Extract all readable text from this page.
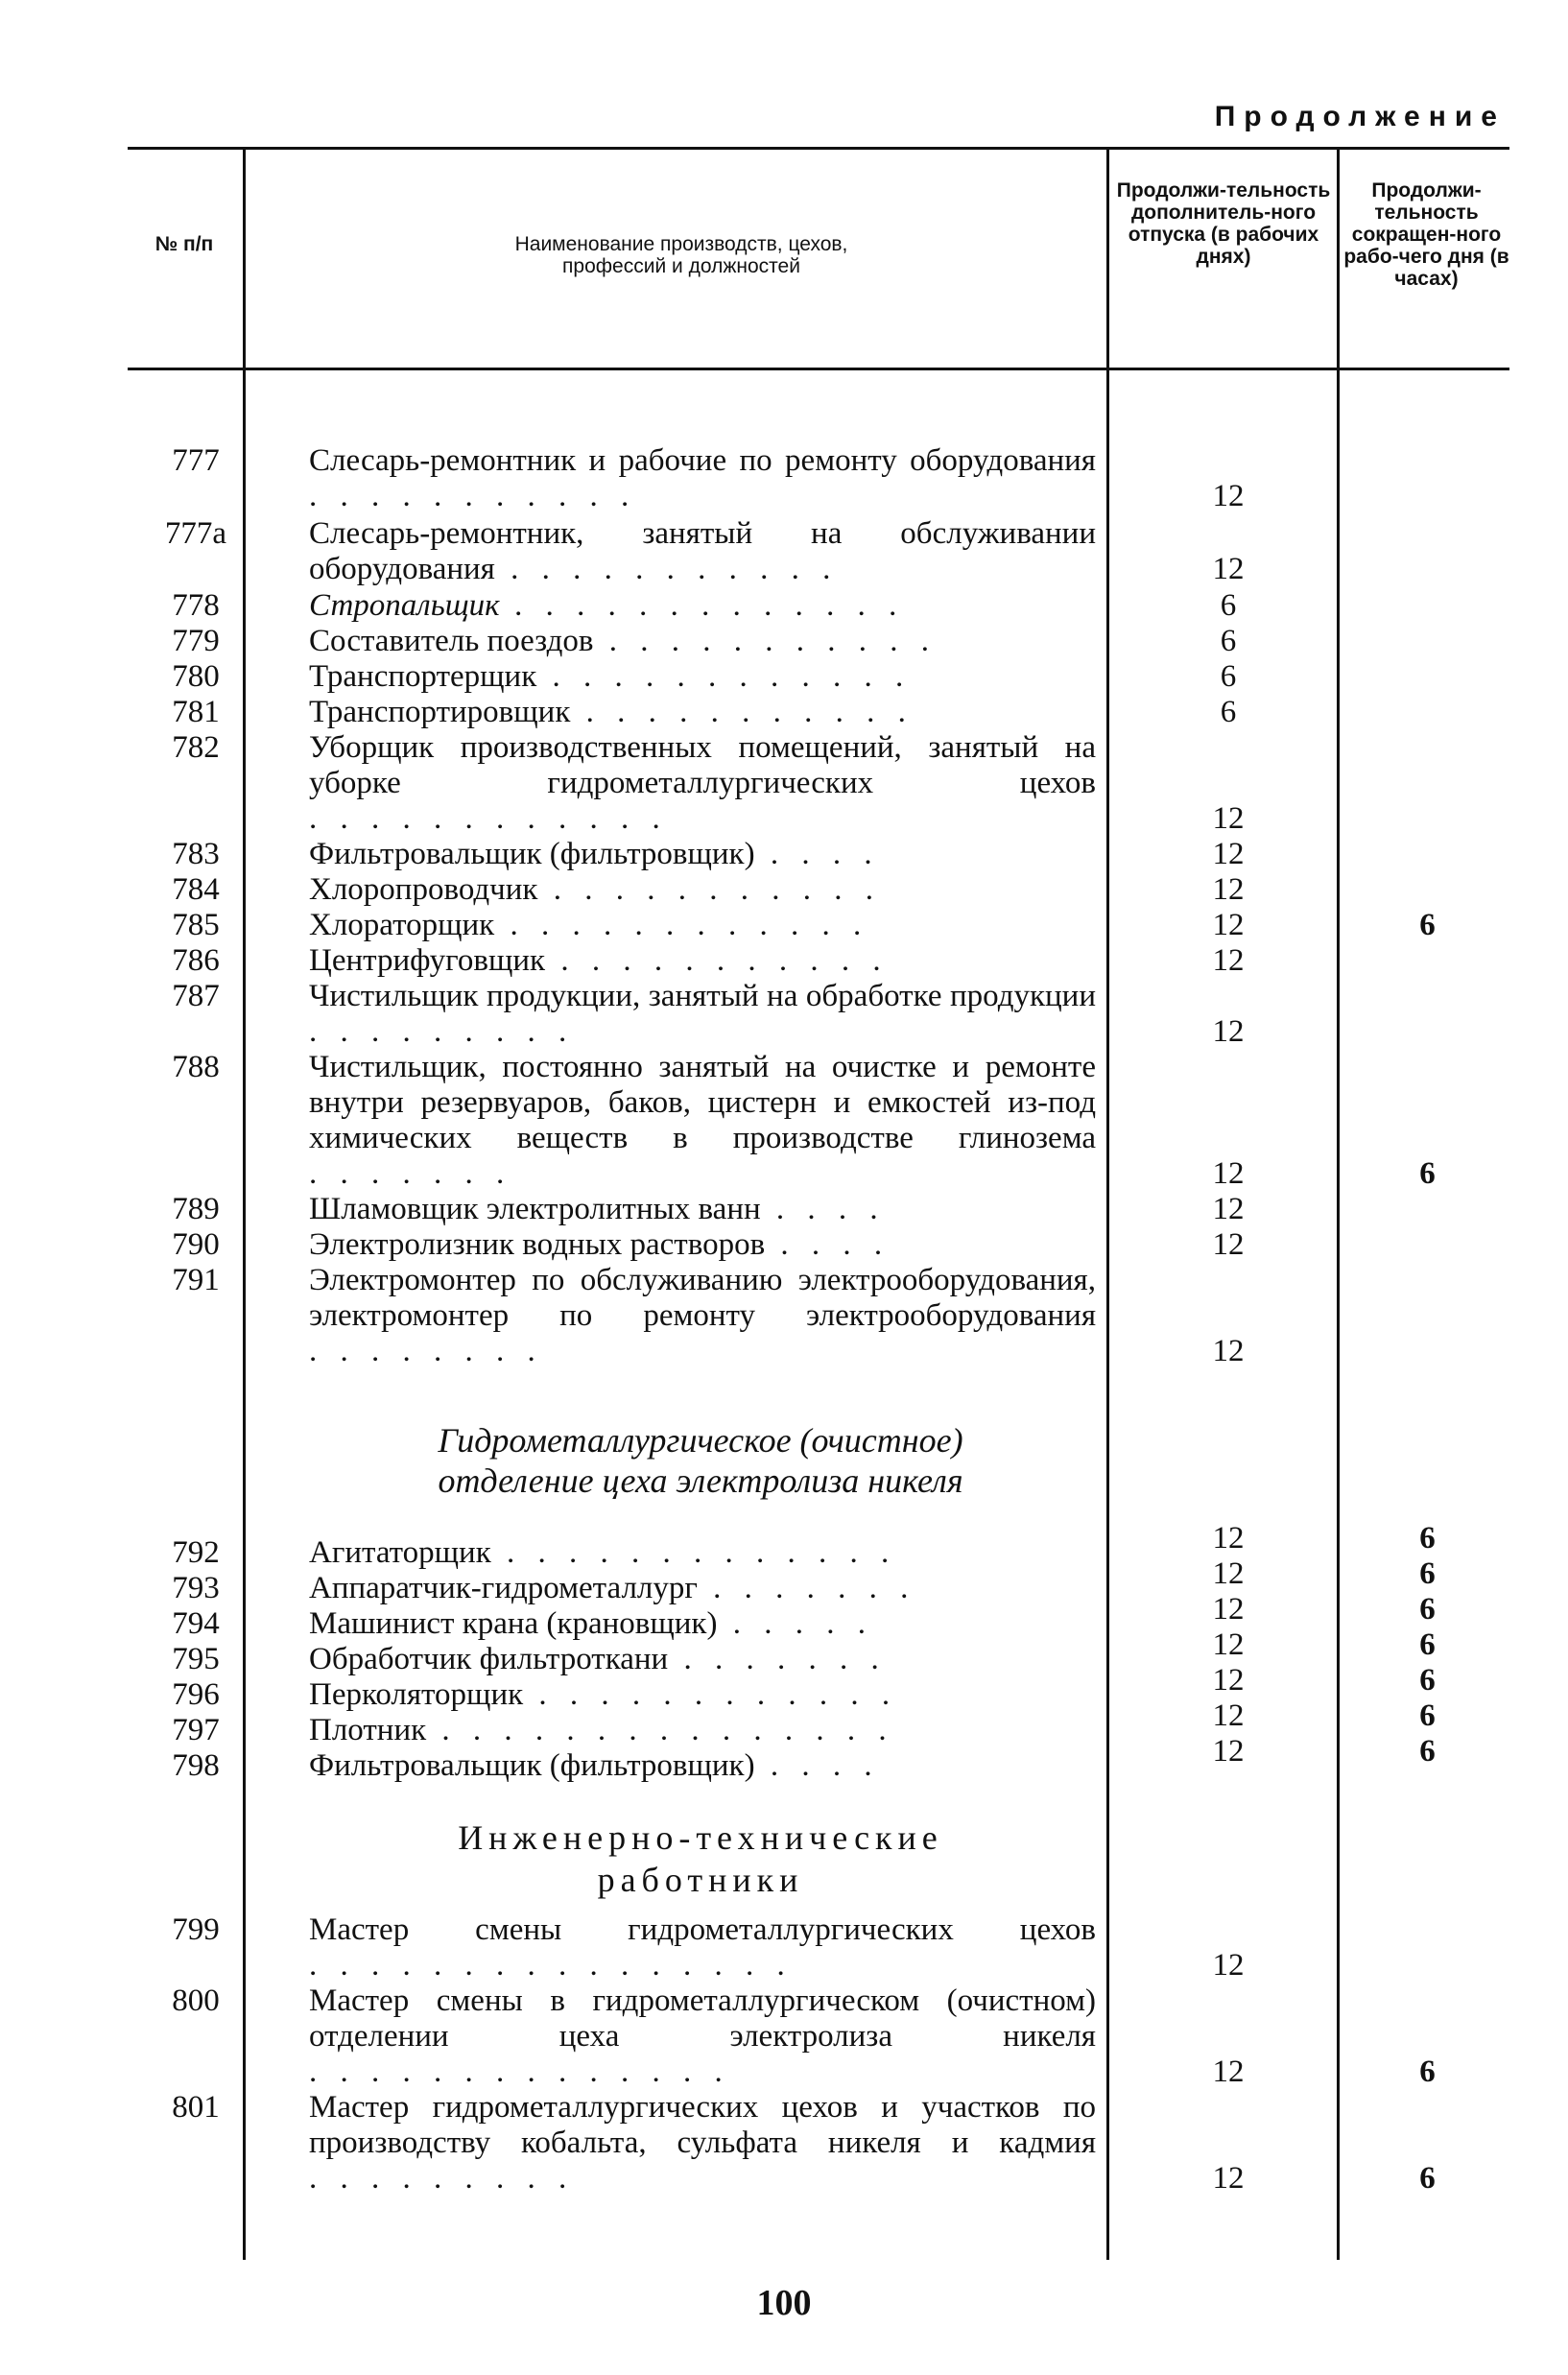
Продолжение
№ п/п	Наименование производств, цехов, профессий и должностей
Продолжи-тельность дополнитель-ного отпуска (в рабочих днях)
Продолжи-тельность сокращен-ного рабо-чего дня (в часах)
777	Слесарь-ремонтник и рабочие по ремонту оборудования . . . . . . . . . . .	12
777а	Слесарь-ремонтник, занятый на обслуживании оборудования . . . . . . . . . . .	12
778	Стропальщик . . . . . . . . . . . . .	6
779	Составитель поездов . . . . . . . . . . .	6
780	Транспортерщик . . . . . . . . . . . .	6
781	Транспортировщик . . . . . . . . . . .	6
782	Уборщик производственных помещений, занятый на уборке гидрометаллургических цехов . . . . . . . . . . . .	12
783	Фильтровальщик (фильтровщик) . . . .	12
784	Хлоропроводчик . . . . . . . . . . .	12
785	Хлораторщик . . . . . . . . . . . .	12	6
786	Центрифуговщик . . . . . . . . . . .	12
787	Чистильщик продукции, занятый на обработке продукции . . . . . . . . .	12
788	Чистильщик, постоянно занятый на очистке и ремонте внутри резервуаров, баков, цистерн и емкостей из-под химических веществ в производстве глинозема . . . . . . .	12	6
789	Шламовщик электролитных ванн . . . .	12
790	Электролизник водных растворов . . . .	12
791	Электромонтер по обслуживанию электрооборудования, электромонтер по ремонту электрооборудования . . . . . . . .	12
Гидрометаллургическое (очистное)
отделение цеха электролиза никеля
792	Агитаторщик . . . . . . . . . . . . .	12	6
793	Аппаратчик-гидрометаллург . . . . . . .	12	6
794	Машинист крана (крановщик) . . . . .	12	6
795	Обработчик фильтроткани . . . . . . .	12	6
796	Перколяторщик . . . . . . . . . . . .	12	6
797	Плотник . . . . . . . . . . . . . . .	12	6
798	Фильтровальщик (фильтровщик) . . . .	12	6
Инженерно-технические
работники
799	Мастер смены гидрометаллургических цехов . . . . . . . . . . . . . . . .	12
800	Мастер смены в гидрометаллургическом (очистном) отделении цеха электролиза никеля . . . . . . . . . . . . . .	12	6
801	Мастер гидрометаллургических цехов и участков по производству кобальта, сульфата никеля и кадмия . . . . . . . . .	12	6
100
